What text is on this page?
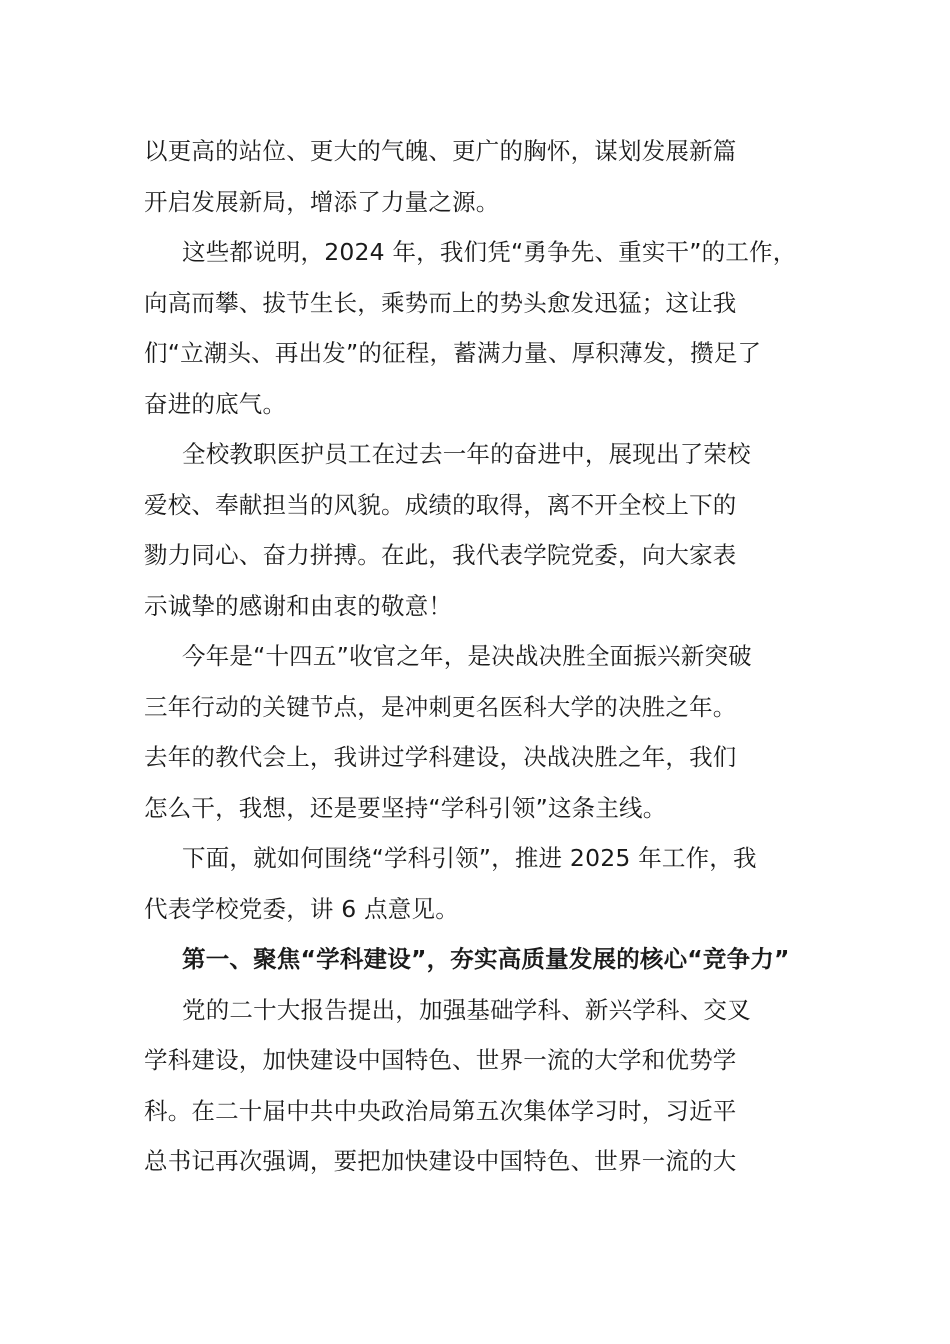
以更高的站位、更大的气魄、更广的胸怀，谋划发展新篇
开启发展新局，增添了力量之源。

这些都说明，2024 年，我们凭“勇争先、重实干”的工作，
向高而攀、拔节生长，乘势而上的势头愈发迅猛；这让我
们“立潮头、再出发”的征程，蓄满力量、厚积薄发，攒足了
奋进的底气。

全校教职医护员工在过去一年的奋进中，展现出了荣校
爱校、奉献担当的风貌。成绩的取得，离不开全校上下的
勠力同心、奋力拼搏。在此，我代表学院党委，向大家表
示诚挚的感谢和由衷的敬意！

今年是“十四五”收官之年，是决战决胜全面振兴新突破
三年行动的关键节点，是冲刺更名医科大学的决胜之年。
去年的教代会上，我讲过学科建设，决战决胜之年，我们
怎么干，我想，还是要坚持“学科引领”这条主线。

下面，就如何围绕“学科引领”，推进 2025 年工作，我
代表学校党委，讲 6 点意见。

第一、聚焦“学科建设”，夯实高质量发展的核心“竞争力”

党的二十大报告提出，加强基础学科、新兴学科、交叉
学科建设，加快建设中国特色、世界一流的大学和优势学
科。在二十届中共中央政治局第五次集体学习时，习近平
总书记再次强调，要把加快建设中国特色、世界一流的大
